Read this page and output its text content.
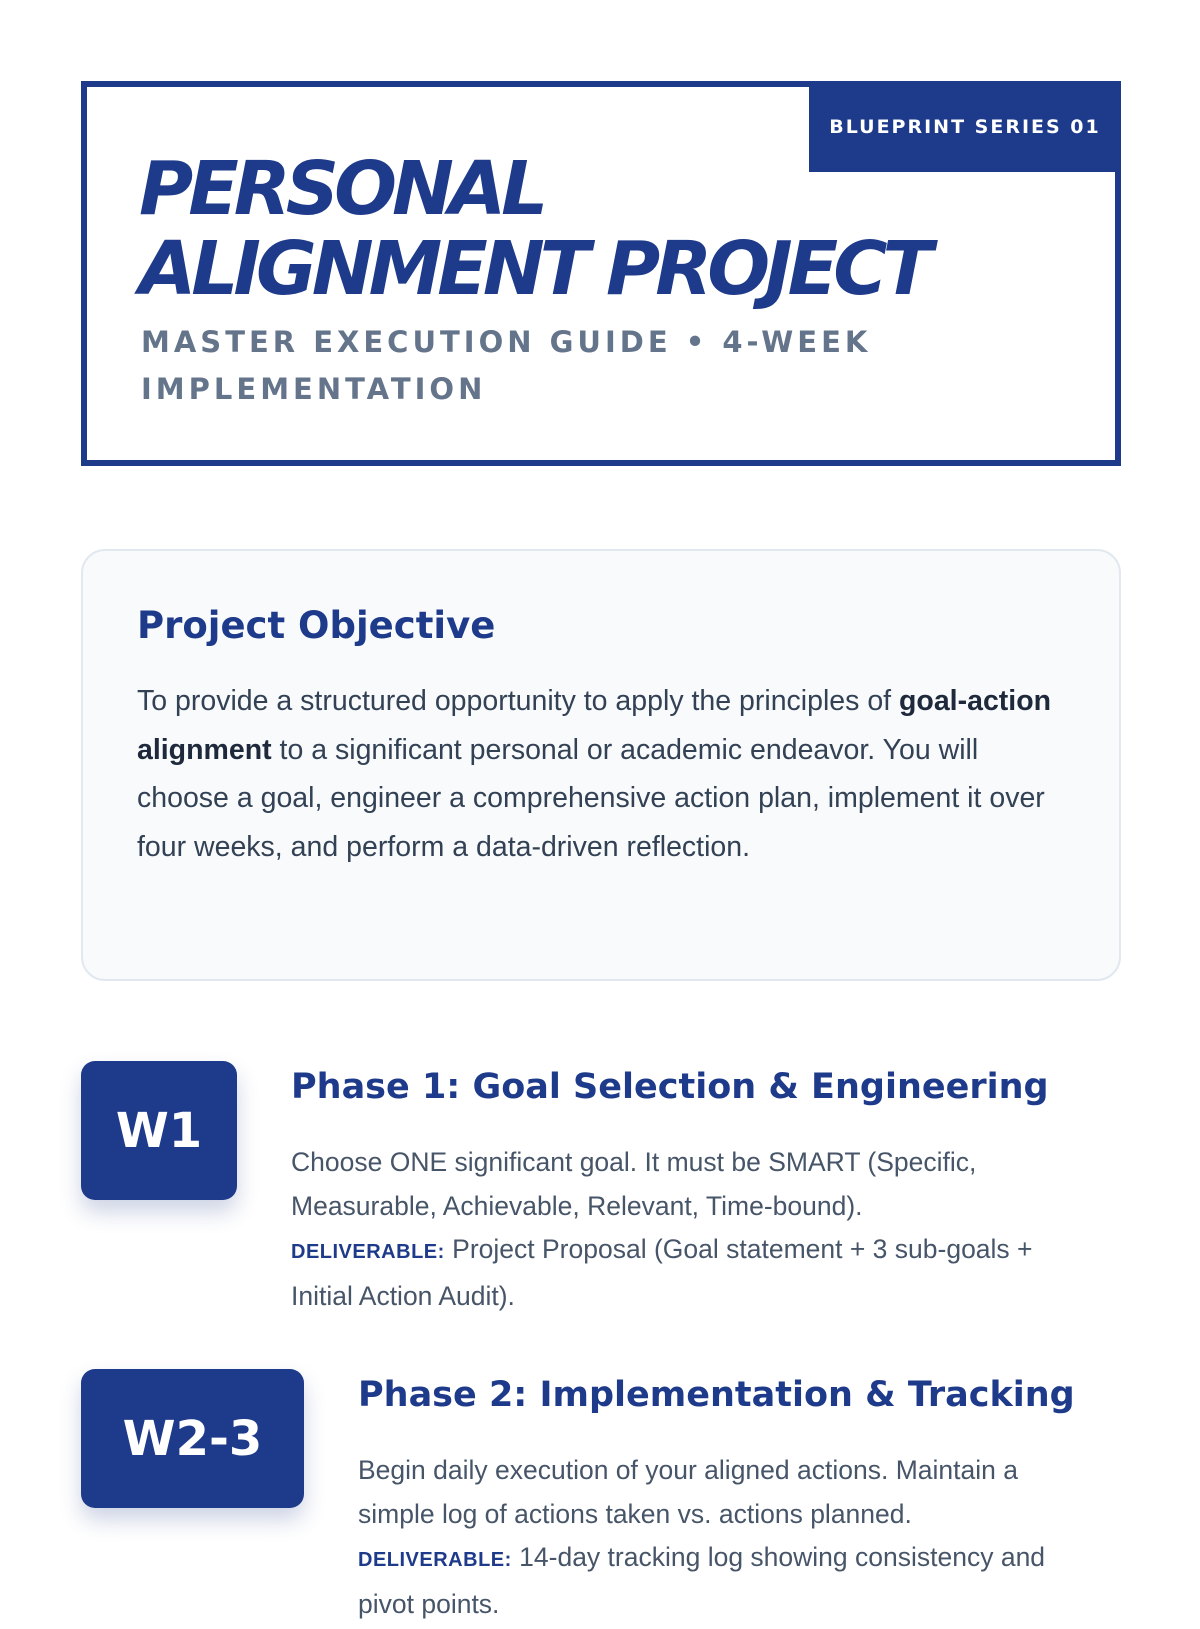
BLUEPRINT SERIES 01
PERSONAL
ALIGNMENT PROJECT
MASTER EXECUTION GUIDE • 4-WEEK IMPLEMENTATION
Project Objective

To provide a structured opportunity to apply the principles of goal-action alignment to a significant personal or academic endeavor. You will choose a goal, engineer a comprehensive action plan, implement it over four weeks, and perform a data-driven reflection.

W1
Phase 1: Goal Selection & Engineering

Choose ONE significant goal. It must be SMART (Specific, Measurable, Achievable, Relevant, Time-bound).
DELIVERABLE: Project Proposal (Goal statement + 3 sub-goals + Initial Action Audit).

W2-3
Phase 2: Implementation & Tracking

Begin daily execution of your aligned actions. Maintain a simple log of actions taken vs. actions planned.
DELIVERABLE: 14-day tracking log showing consistency and pivot points.
